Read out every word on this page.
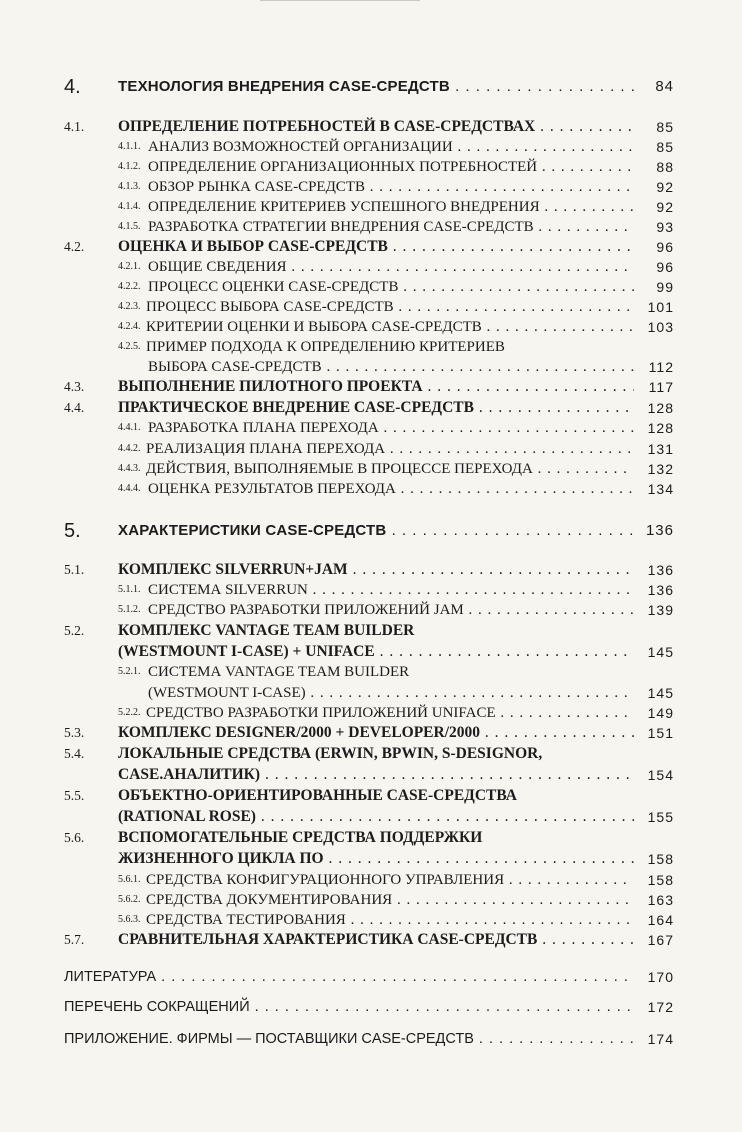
4. ТЕХНОЛОГИЯ ВНЕДРЕНИЯ CASE-СРЕДСТВ . . .	84
4.1. ОПРЕДЕЛЕНИЕ ПОТРЕБНОСТЕЙ В CASE-СРЕДСТВАХ . . .	85
4.1.1. АНАЛИЗ ВОЗМОЖНОСТЕЙ ОРГАНИЗАЦИИ . . .	85
4.1.2. ОПРЕДЕЛЕНИЕ ОРГАНИЗАЦИОННЫХ ПОТРЕБНОСТЕЙ . . .	88
4.1.3. ОБЗОР РЫНКА CASE-СРЕДСТВ . . .	92
4.1.4. ОПРЕДЕЛЕНИЕ КРИТЕРИЕВ УСПЕШНОГО ВНЕДРЕНИЯ . . .	92
4.1.5. РАЗРАБОТКА СТРАТЕГИИ ВНЕДРЕНИЯ CASE-СРЕДСТВ . . .	93
4.2. ОЦЕНКА И ВЫБОР CASE-СРЕДСТВ . . .	96
4.2.1. ОБЩИЕ СВЕДЕНИЯ . . .	96
4.2.2. ПРОЦЕСС ОЦЕНКИ CASE-СРЕДСТВ . . .	99
4.2.3. ПРОЦЕСС ВЫБОРА CASE-СРЕДСТВ . . .	101
4.2.4. КРИТЕРИИ ОЦЕНКИ И ВЫБОРА CASE-СРЕДСТВ . . .	103
4.2.5. ПРИМЕР ПОДХОДА К ОПРЕДЕЛЕНИЮ КРИТЕРИЕВ
ВЫБОРА CASE-СРЕДСТВ . . .	112
4.3. ВЫПОЛНЕНИЕ ПИЛОТНОГО ПРОЕКТА . . .	117
4.4. ПРАКТИЧЕСКОЕ ВНЕДРЕНИЕ CASE-СРЕДСТВ . . .	128
4.4.1. РАЗРАБОТКА ПЛАНА ПЕРЕХОДА . . .	128
4.4.2. РЕАЛИЗАЦИЯ ПЛАНА ПЕРЕХОДА . . .	131
4.4.3. ДЕЙСТВИЯ, ВЫПОЛНЯЕМЫЕ В ПРОЦЕССЕ ПЕРЕХОДА . . .	132
4.4.4. ОЦЕНКА РЕЗУЛЬТАТОВ ПЕРЕХОДА . . .	134
5. ХАРАКТЕРИСТИКИ CASE-СРЕДСТВ . . .	136
5.1. КОМПЛЕКС SILVERRUN+JAM . . .	136
5.1.1. СИСТЕМА SILVERRUN . . .	136
5.1.2. СРЕДСТВО РАЗРАБОТКИ ПРИЛОЖЕНИЙ JAM . . .	139
5.2. КОМПЛЕКС VANTAGE TEAM BUILDER
(WESTMOUNT I-CASE) + UNIFACE . . .	145
5.2.1. СИСТЕМА VANTAGE TEAM BUILDER
(WESTMOUNT I-CASE) . . .	145
5.2.2. СРЕДСТВО РАЗРАБОТКИ ПРИЛОЖЕНИЙ UNIFACE . . .	149
5.3. КОМПЛЕКС DESIGNER/2000 + DEVELOPER/2000 . . .	151
5.4. ЛОКАЛЬНЫЕ СРЕДСТВА (ERWIN, BPWIN, S-DESIGNOR,
CASE.АНАЛИТИК) . . .	154
5.5. ОБЪЕКТНО-ОРИЕНТИРОВАННЫЕ CASE-СРЕДСТВА
(RATIONAL ROSE) . . .	155
5.6. ВСПОМОГАТЕЛЬНЫЕ СРЕДСТВА ПОДДЕРЖКИ
ЖИЗНЕННОГО ЦИКЛА ПО . . .	158
5.6.1. СРЕДСТВА КОНФИГУРАЦИОННОГО УПРАВЛЕНИЯ . . .	158
5.6.2. СРЕДСТВА ДОКУМЕНТИРОВАНИЯ . . .	163
5.6.3. СРЕДСТВА ТЕСТИРОВАНИЯ . . .	164
5.7. СРАВНИТЕЛЬНАЯ ХАРАКТЕРИСТИКА CASE-СРЕДСТВ . . .	167
ЛИТЕРАТУРА . . .	170
ПЕРЕЧЕНЬ СОКРАЩЕНИЙ . . .	172
ПРИЛОЖЕНИЕ. ФИРМЫ — ПОСТАВЩИКИ CASE-СРЕДСТВ . . .	174
